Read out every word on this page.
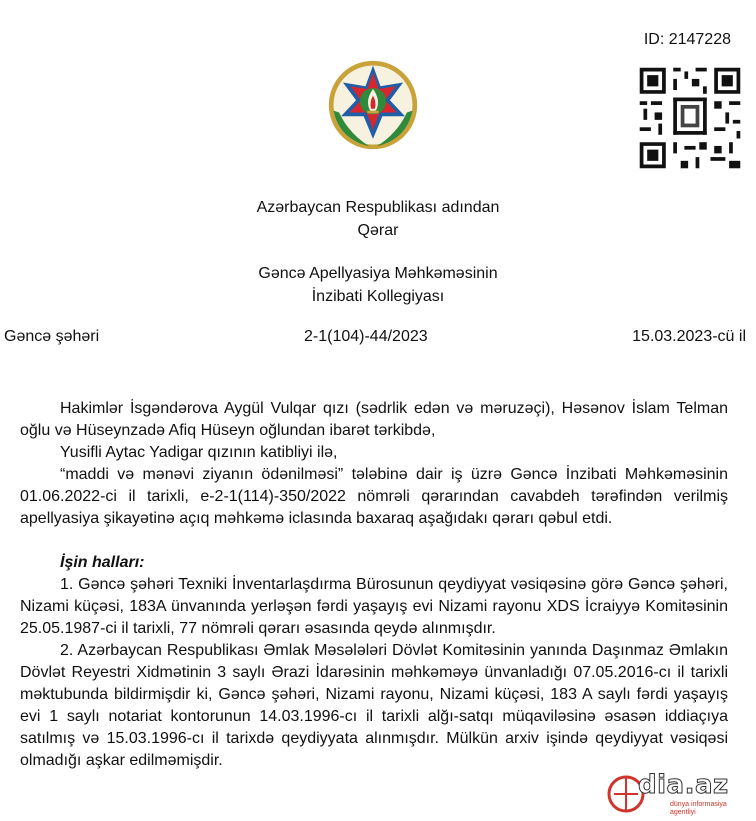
ID: 2147228
Azərbaycan Respublikası adından
Qərar
Gəncə Apellyasiya Məhkəməsinin
İnzibati Kollegiyası
Gəncə şəhəri	2-1(104)-44/2023	15.03.2023-cü il

Hakimlər İsgəndərova Aygül Vulqar qızı (sədrlik edən və məruzəçi), Həsənov İslam Telman oğlu və Hüseynzadə Afiq Hüseyn oğlundan ibarət tərkibdə,

Yusifli Aytac Yadigar qızının katibliyi ilə,

“maddi və mənəvi ziyanın ödənilməsi” tələbinə dair iş üzrə Gəncə İnzibati Məhkəməsinin 01.06.2022-ci il tarixli, e-2-1(114)-350/2022 nömrəli qərarından cavabdeh tərəfindən verilmiş apellyasiya şikayətinə açıq məhkəmə iclasında baxaraq aşağıdakı qərarı qəbul etdi.

İşin halları:

1. Gəncə şəhəri Texniki İnventarlaşdırma Bürosunun qeydiyyat vəsiqəsinə görə Gəncə şəhəri, Nizami küçəsi, 183A ünvanında yerləşən fərdi yaşayış evi Nizami rayonu XDS İcraiyyə Komitəsinin 25.05.1987-ci il tarixli, 77 nömrəli qərarı əsasında qeydə alınmışdır.

2. Azərbaycan Respublikası Əmlak Məsələləri Dövlət Komitəsinin yanında Daşınmaz Əmlakın Dövlət Reyestri Xidmətinin 3 saylı Ərazi İdarəsinin məhkəməyə ünvanladığı 07.05.2016-cı il tarixli məktubunda bildirmişdir ki, Gəncə şəhəri, Nizami rayonu, Nizami küçəsi, 183 A saylı fərdi yaşayış evi 1 saylı notariat kontorunun 14.03.1996-cı il tarixli alğı-satqı müqaviləsinə əsasən iddiaçıya satılmış və 15.03.1996-cı il tarixdə qeydiyyata alınmışdır. Mülkün arxiv işində qeydiyyat vəsiqəsi olmadığı aşkar edilməmişdir.

dia.az
dünya informasiya
agentliyi
